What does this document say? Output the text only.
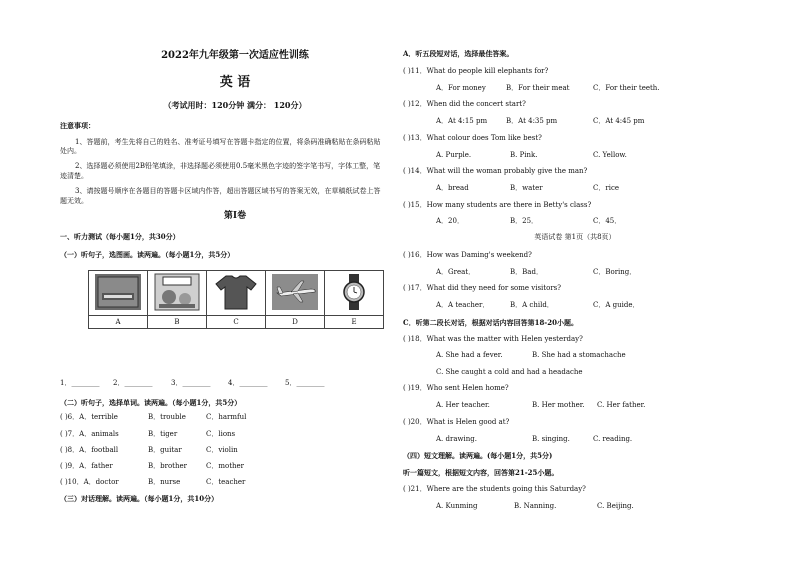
2022年九年级第一次适应性训练
英 语
（考试用时：120分钟 满分： 120分）
注意事项：
1、答题前，考生先将自己的姓名、准考证号填写在答题卡指定的位置，将条码准确粘贴在条码粘贴
处内。
2、选择题必须使用2B铅笔填涂，非选择题必须使用0.5毫米黑色字迹的签字笔书写，字体工整，笔
迹清楚。
3、请按题号顺序在各题目的答题卡区域内作答，超出答题区域书写的答案无效，在草稿纸试卷上答
题无效。
第I卷
一、听力测试（每小题1分，共30分）
（一）听句子，选图画。读两遍。（每小题1分，共5分）

A	B	C	D	E
1．________ 2．________	3．________	4．________	5．________
（二）听句子，选择单词。读两遍。（每小题1分，共5分）
( )6．A．terrible	B．trouble	C．harmful
( )7．A．animals	B．tiger	C．lions
( )8．A．football	B．guitar	C．violin
( )9．A．father	B．brother	C．mother
( )10．A．doctor	B．nurse	C．teacher
（三）对话理解。读两遍。（每小题1分，共10分）
A．听五段短对话，选择最佳答案。
( )11．What do people kill elephants for?
A．For money	B．For their meat	C．For their teeth.
( )12．When did the concert start?
A．At 4:15 pm	B．At 4:35 pm	C．At 4:45 pm
( )13．What colour does Tom like best?
A. Purple.	B. Pink.	C. Yellow.
( )14．What will the woman probably give the man?
A．bread	B．water	C．rice
( )15．How many students are there in Betty's class?
A．20．	B．25．	C．45．
英语试卷 第1页（共8页）
( )16．How was Daming's weekend?
A．Great．	B．Bad．	C．Boring．
( )17．What did they need for some visitors?
A．A teacher．	B．A child．	C．A guide．
C．听第二段长对话，根据对话内容回答第18-20小题。
( )18．What was the matter with Helen yesterday?
A. She had a fever.	B. She had a stomachache
C. She caught a cold and had a headache
( )19．Who sent Helen home?
A. Her teacher.	B. Her mother. C. Her father.
( )20．What is Helen good at?
A. drawing.	B. singing.	C. reading.
（四）短文理解。读两遍。(每小题1分，共5分)
听一篇短文，根据短文内容，回答第21-25小题。
( )21．Where are the students going this Saturday?
A. Kunming	B. Nanning.	C. Beijing.
